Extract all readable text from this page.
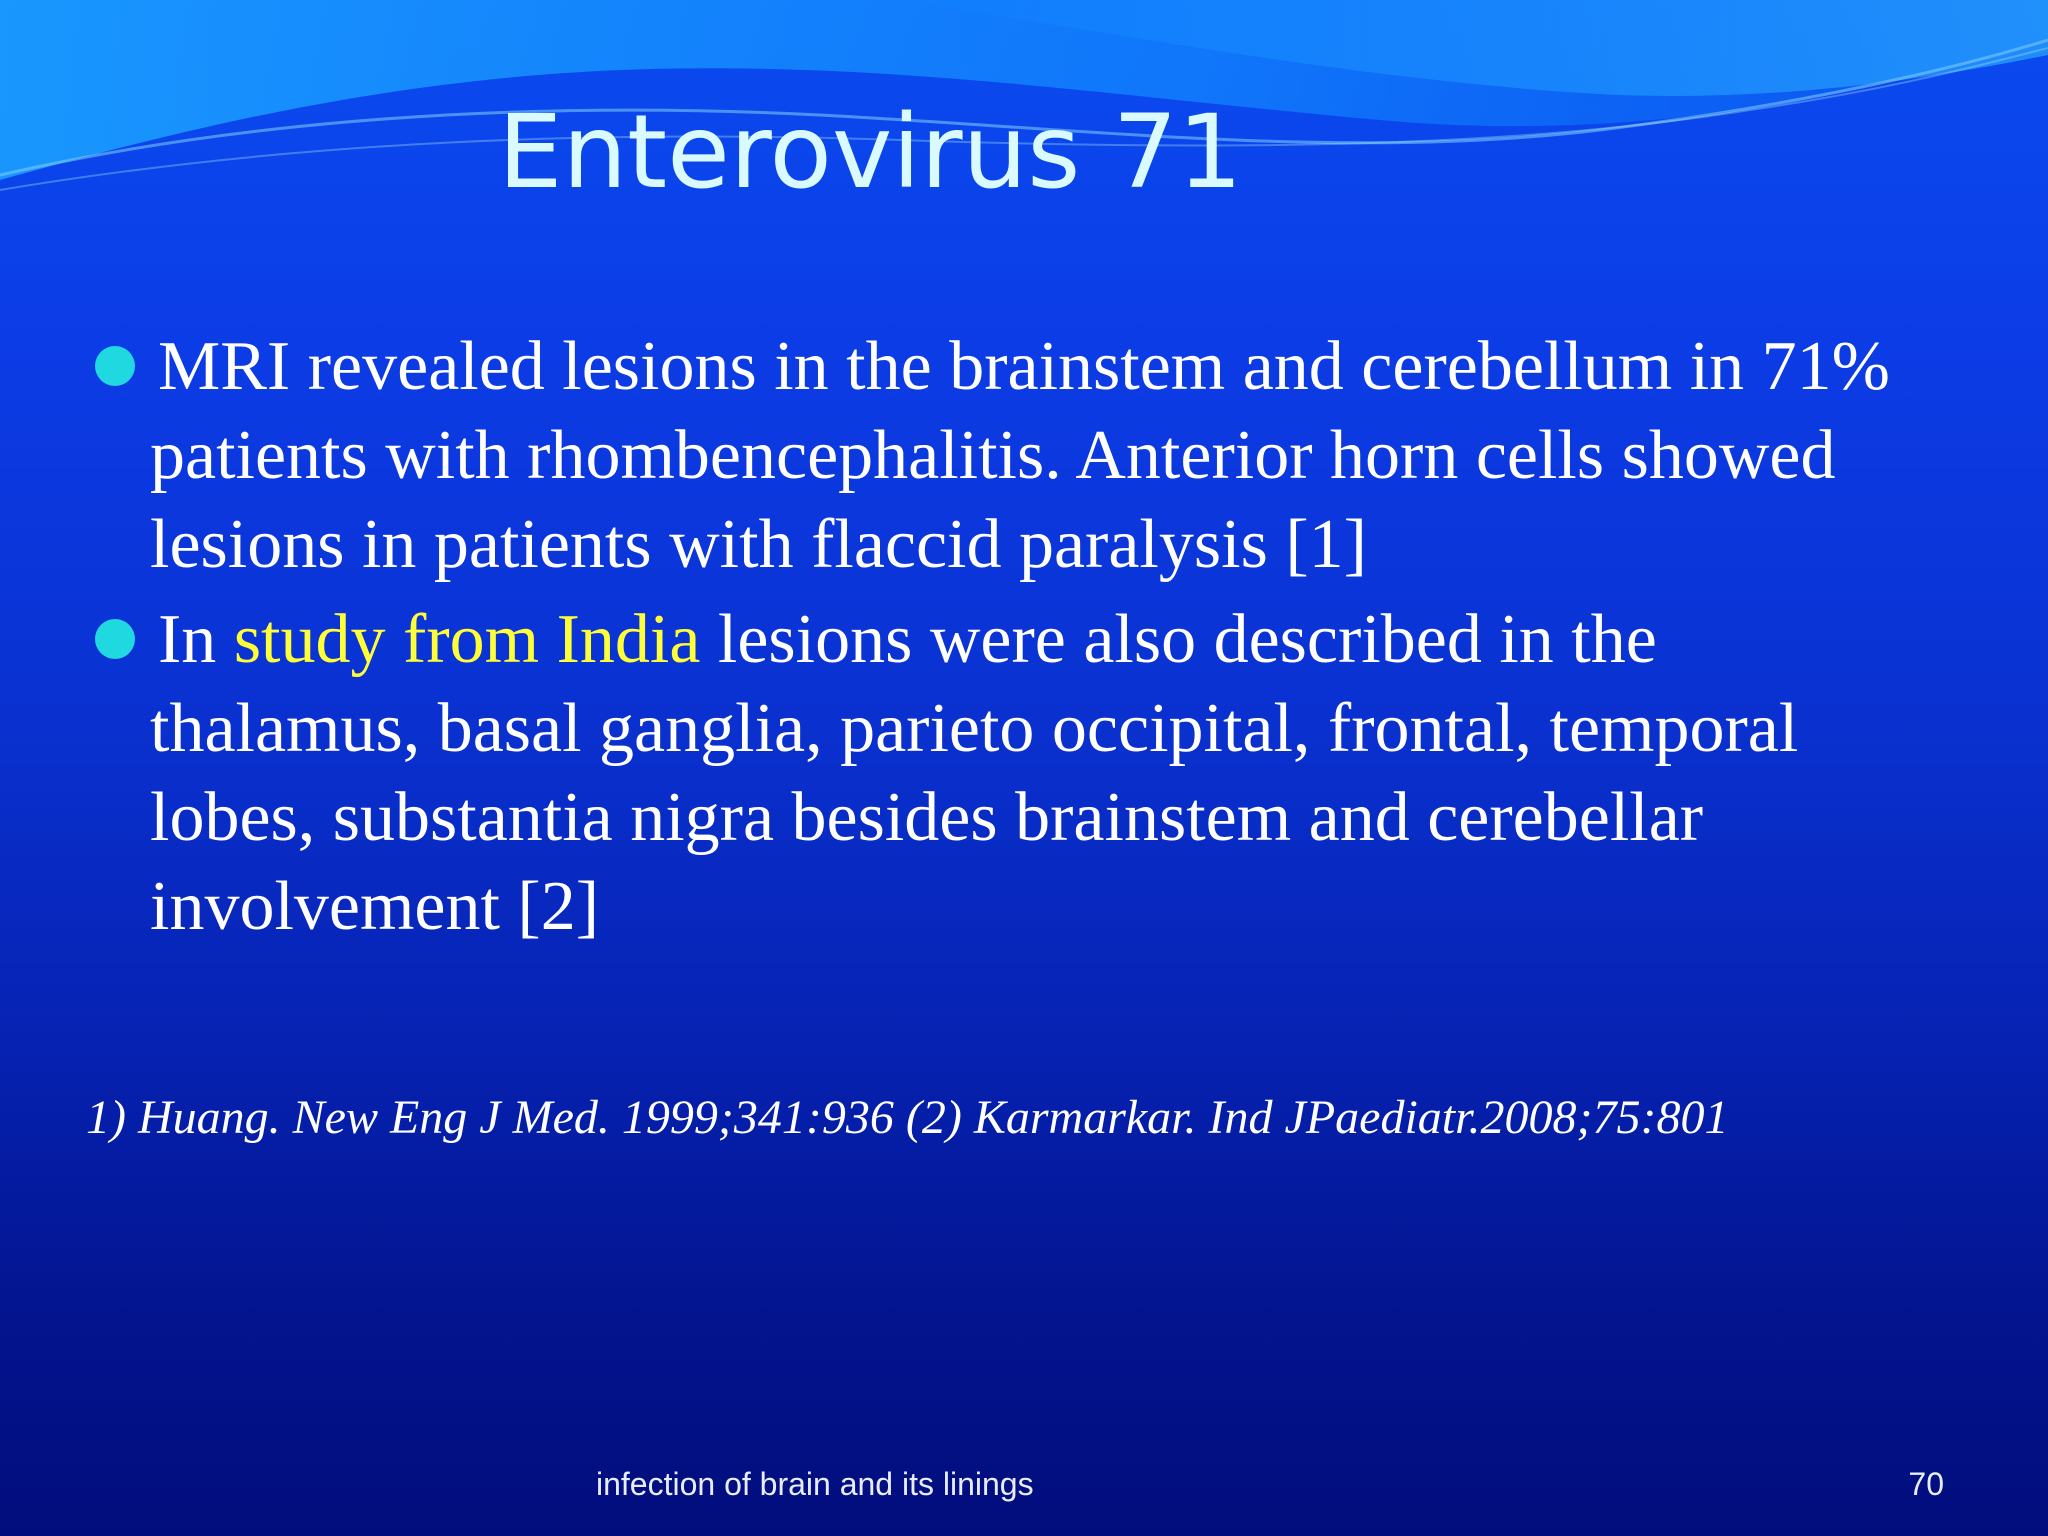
Enterovirus 71
MRI revealed lesions in the brainstem and cerebellum in 71% patients with rhombencephalitis. Anterior horn cells showed lesions in patients with flaccid paralysis [1]
In study from India lesions were also described in the thalamus, basal ganglia, parieto occipital, frontal, temporal lobes, substantia nigra besides brainstem and cerebellar involvement [2]

1) Huang. New Eng J Med. 1999;341:936 (2) Karmarkar. Ind JPaediatr.2008;75:801

infection of brain and its linings	70
